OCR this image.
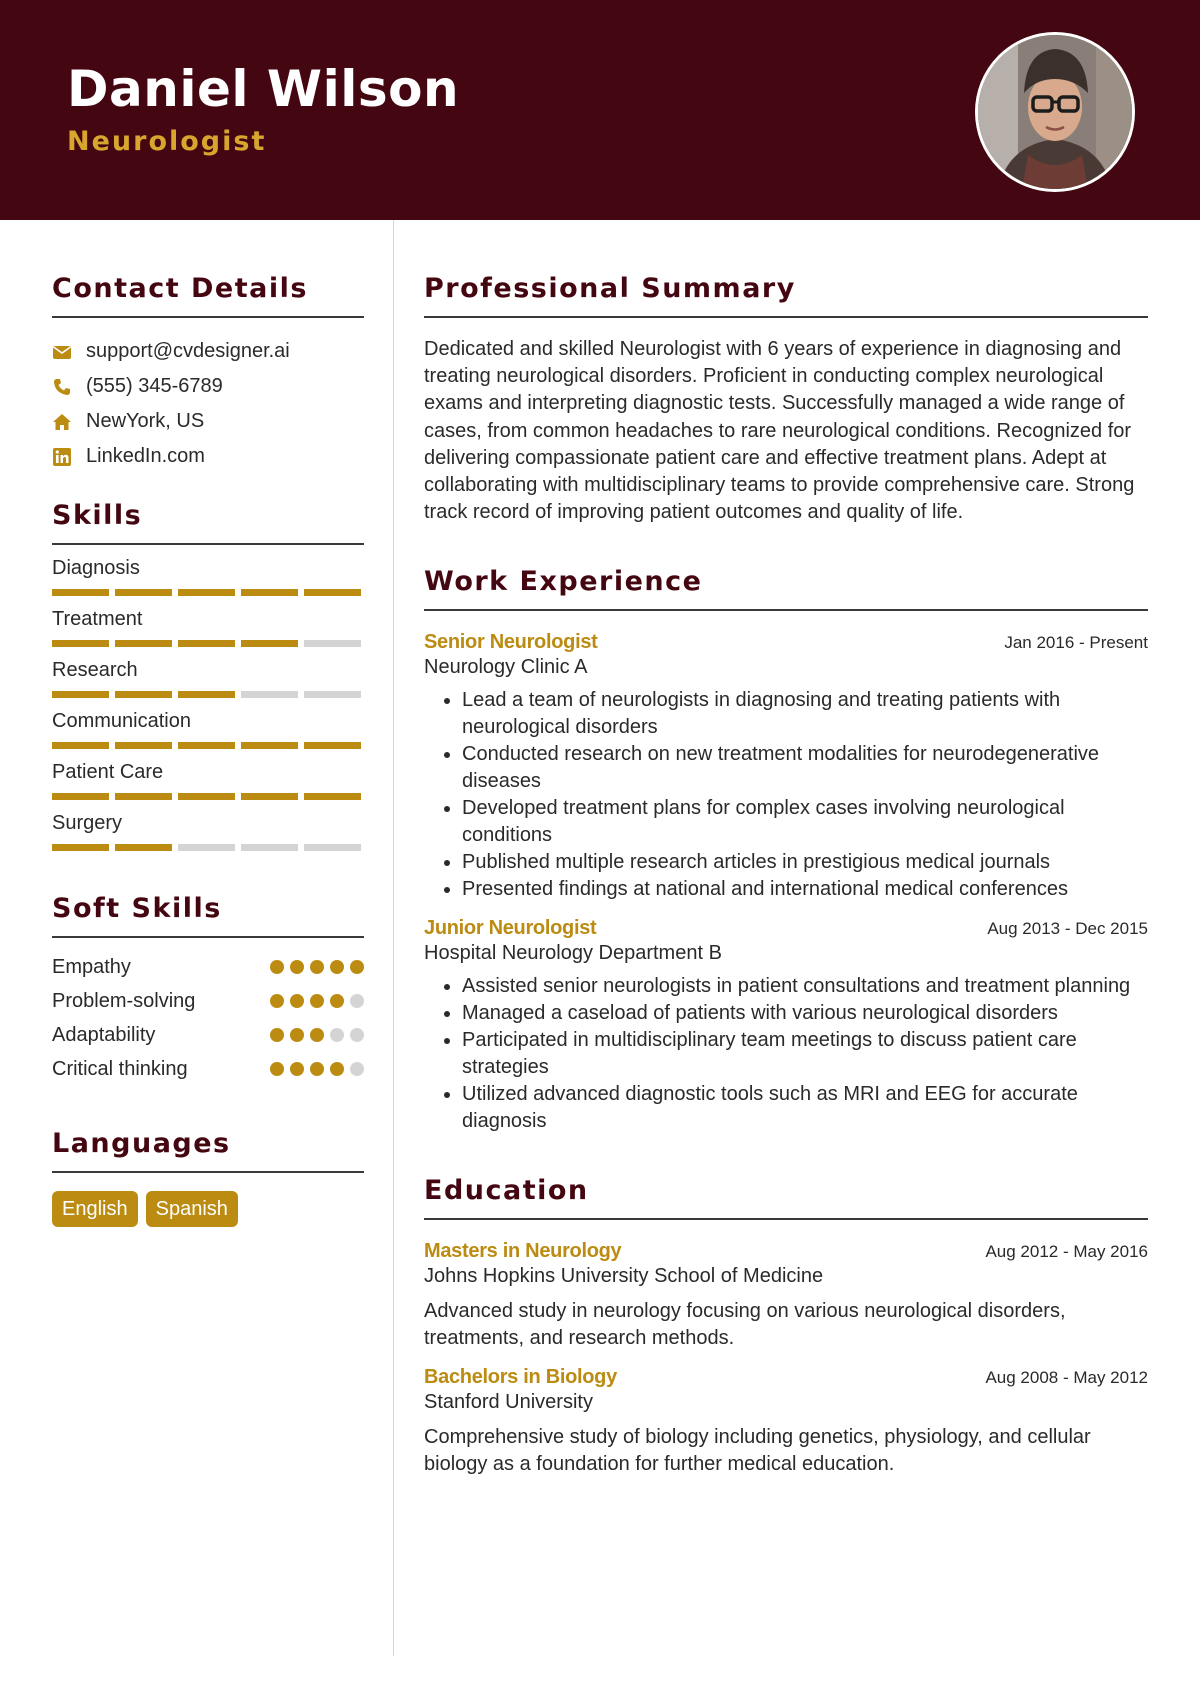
Daniel Wilson
Neurologist
Contact Details
support@cvdesigner.ai
(555) 345-6789
NewYork, US
LinkedIn.com
Skills
Diagnosis
Treatment
Research
Communication
Patient Care
Surgery
Soft Skills
Empathy
Problem-solving
Adaptability
Critical thinking
Languages
English	Spanish
Professional Summary

Dedicated and skilled Neurologist with 6 years of experience in diagnosing and treating neurological disorders. Proficient in conducting complex neurological exams and interpreting diagnostic tests. Successfully managed a wide range of cases, from common headaches to rare neurological conditions. Recognized for delivering compassionate patient care and effective treatment plans. Adept at collaborating with multidisciplinary teams to provide comprehensive care. Strong track record of improving patient outcomes and quality of life.

Work Experience
Senior Neurologist	Jan 2016 - Present
Neurology Clinic A
• Lead a team of neurologists in diagnosing and treating patients with neurological disorders
• Conducted research on new treatment modalities for neurodegenerative diseases
• Developed treatment plans for complex cases involving neurological conditions
• Published multiple research articles in prestigious medical journals
• Presented findings at national and international medical conferences
Junior Neurologist	Aug 2013 - Dec 2015
Hospital Neurology Department B
• Assisted senior neurologists in patient consultations and treatment planning
• Managed a caseload of patients with various neurological disorders
• Participated in multidisciplinary team meetings to discuss patient care strategies
• Utilized advanced diagnostic tools such as MRI and EEG for accurate diagnosis
Education
Masters in Neurology	Aug 2012 - May 2016
Johns Hopkins University School of Medicine

Advanced study in neurology focusing on various neurological disorders, treatments, and research methods.

Bachelors in Biology	Aug 2008 - May 2012
Stanford University

Comprehensive study of biology including genetics, physiology, and cellular biology as a foundation for further medical education.
